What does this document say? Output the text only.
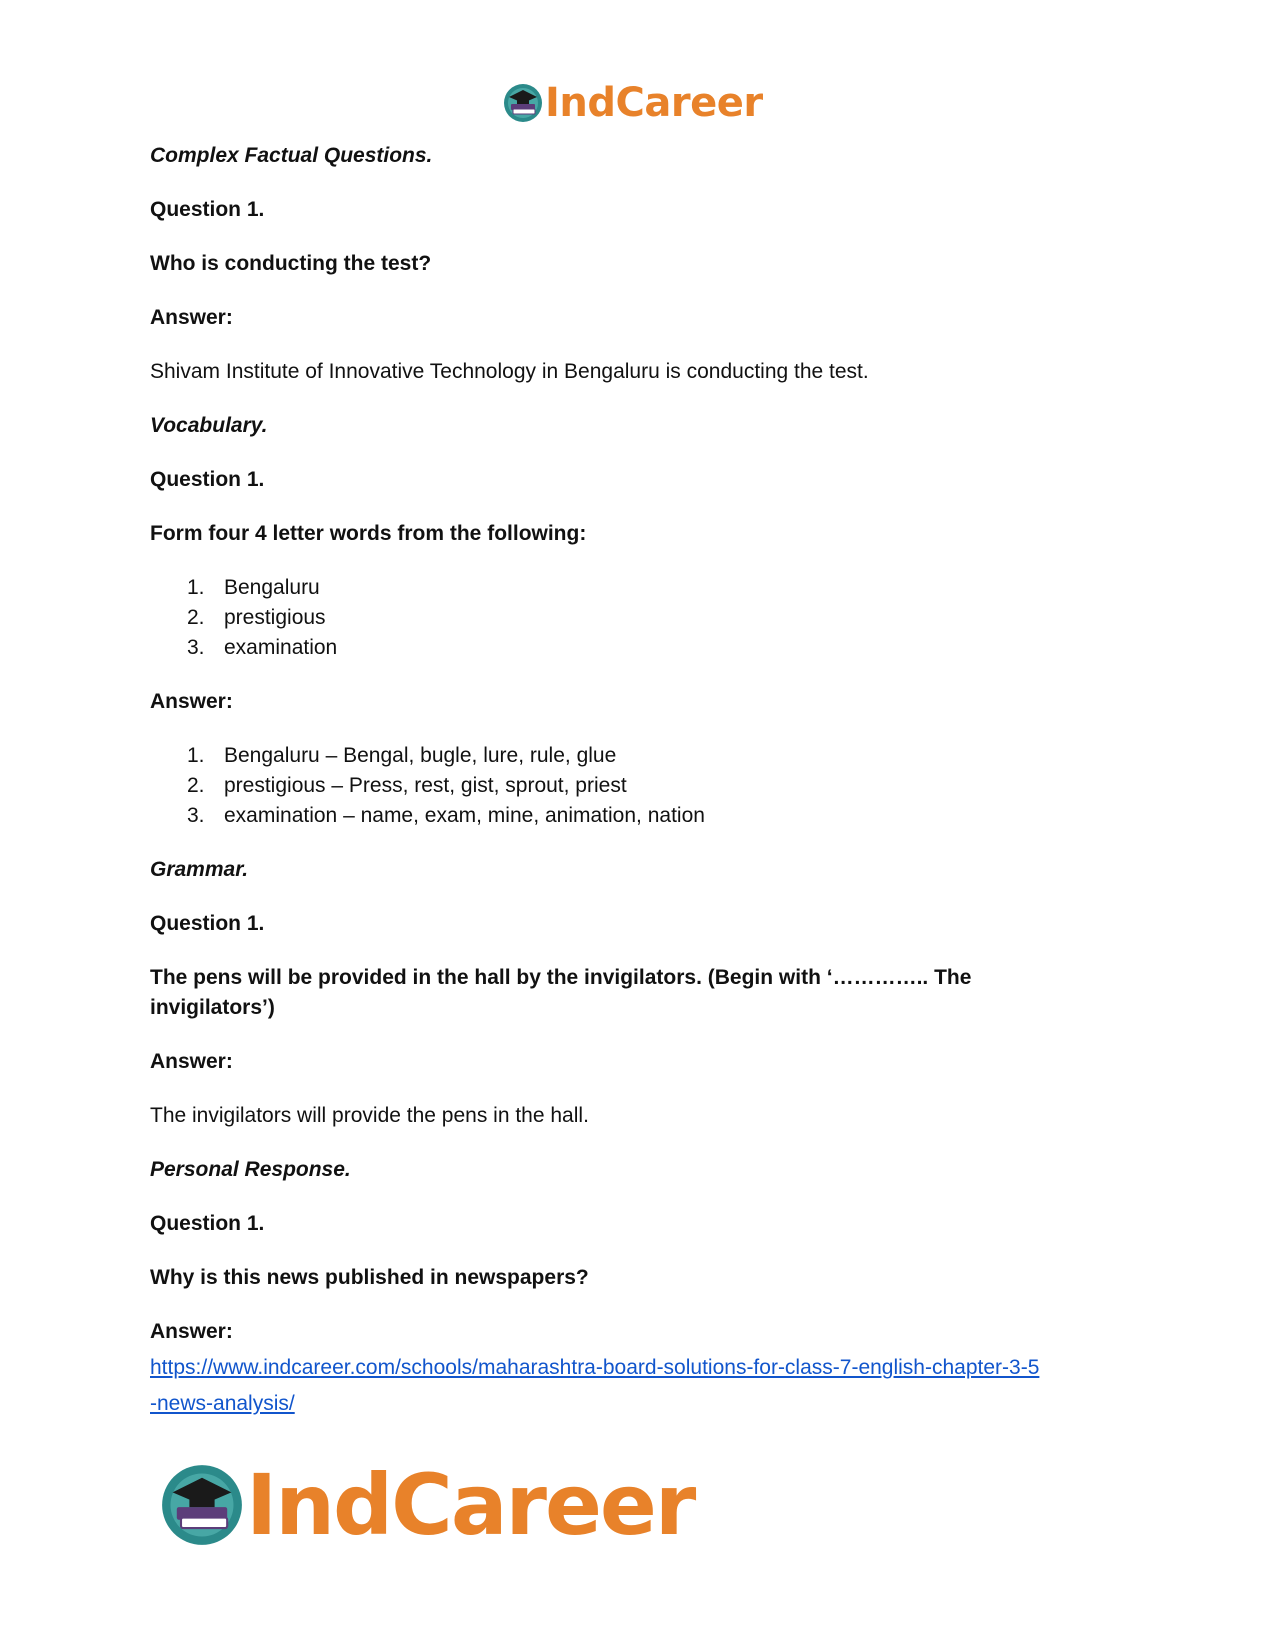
IndCareer
Complex Factual Questions.
Question 1.
Who is conducting the test?
Answer:
Shivam Institute of Innovative Technology in Bengaluru is conducting the test.
Vocabulary.
Question 1.
Form four 4 letter words from the following:
1. Bengaluru
2. prestigious
3. examination
Answer:
1. Bengaluru – Bengal, bugle, lure, rule, glue
2. prestigious – Press, rest, gist, sprout, priest
3. examination – name, exam, mine, animation, nation
Grammar.
Question 1.
The pens will be provided in the hall by the invigilators. (Begin with ‘………….. The
invigilators’)
Answer:
The invigilators will provide the pens in the hall.
Personal Response.
Question 1.
Why is this news published in newspapers?
Answer:
https://www.indcareer.com/schools/maharashtra-board-solutions-for-class-7-english-chapter-3-5
-news-analysis/
IndCareer
